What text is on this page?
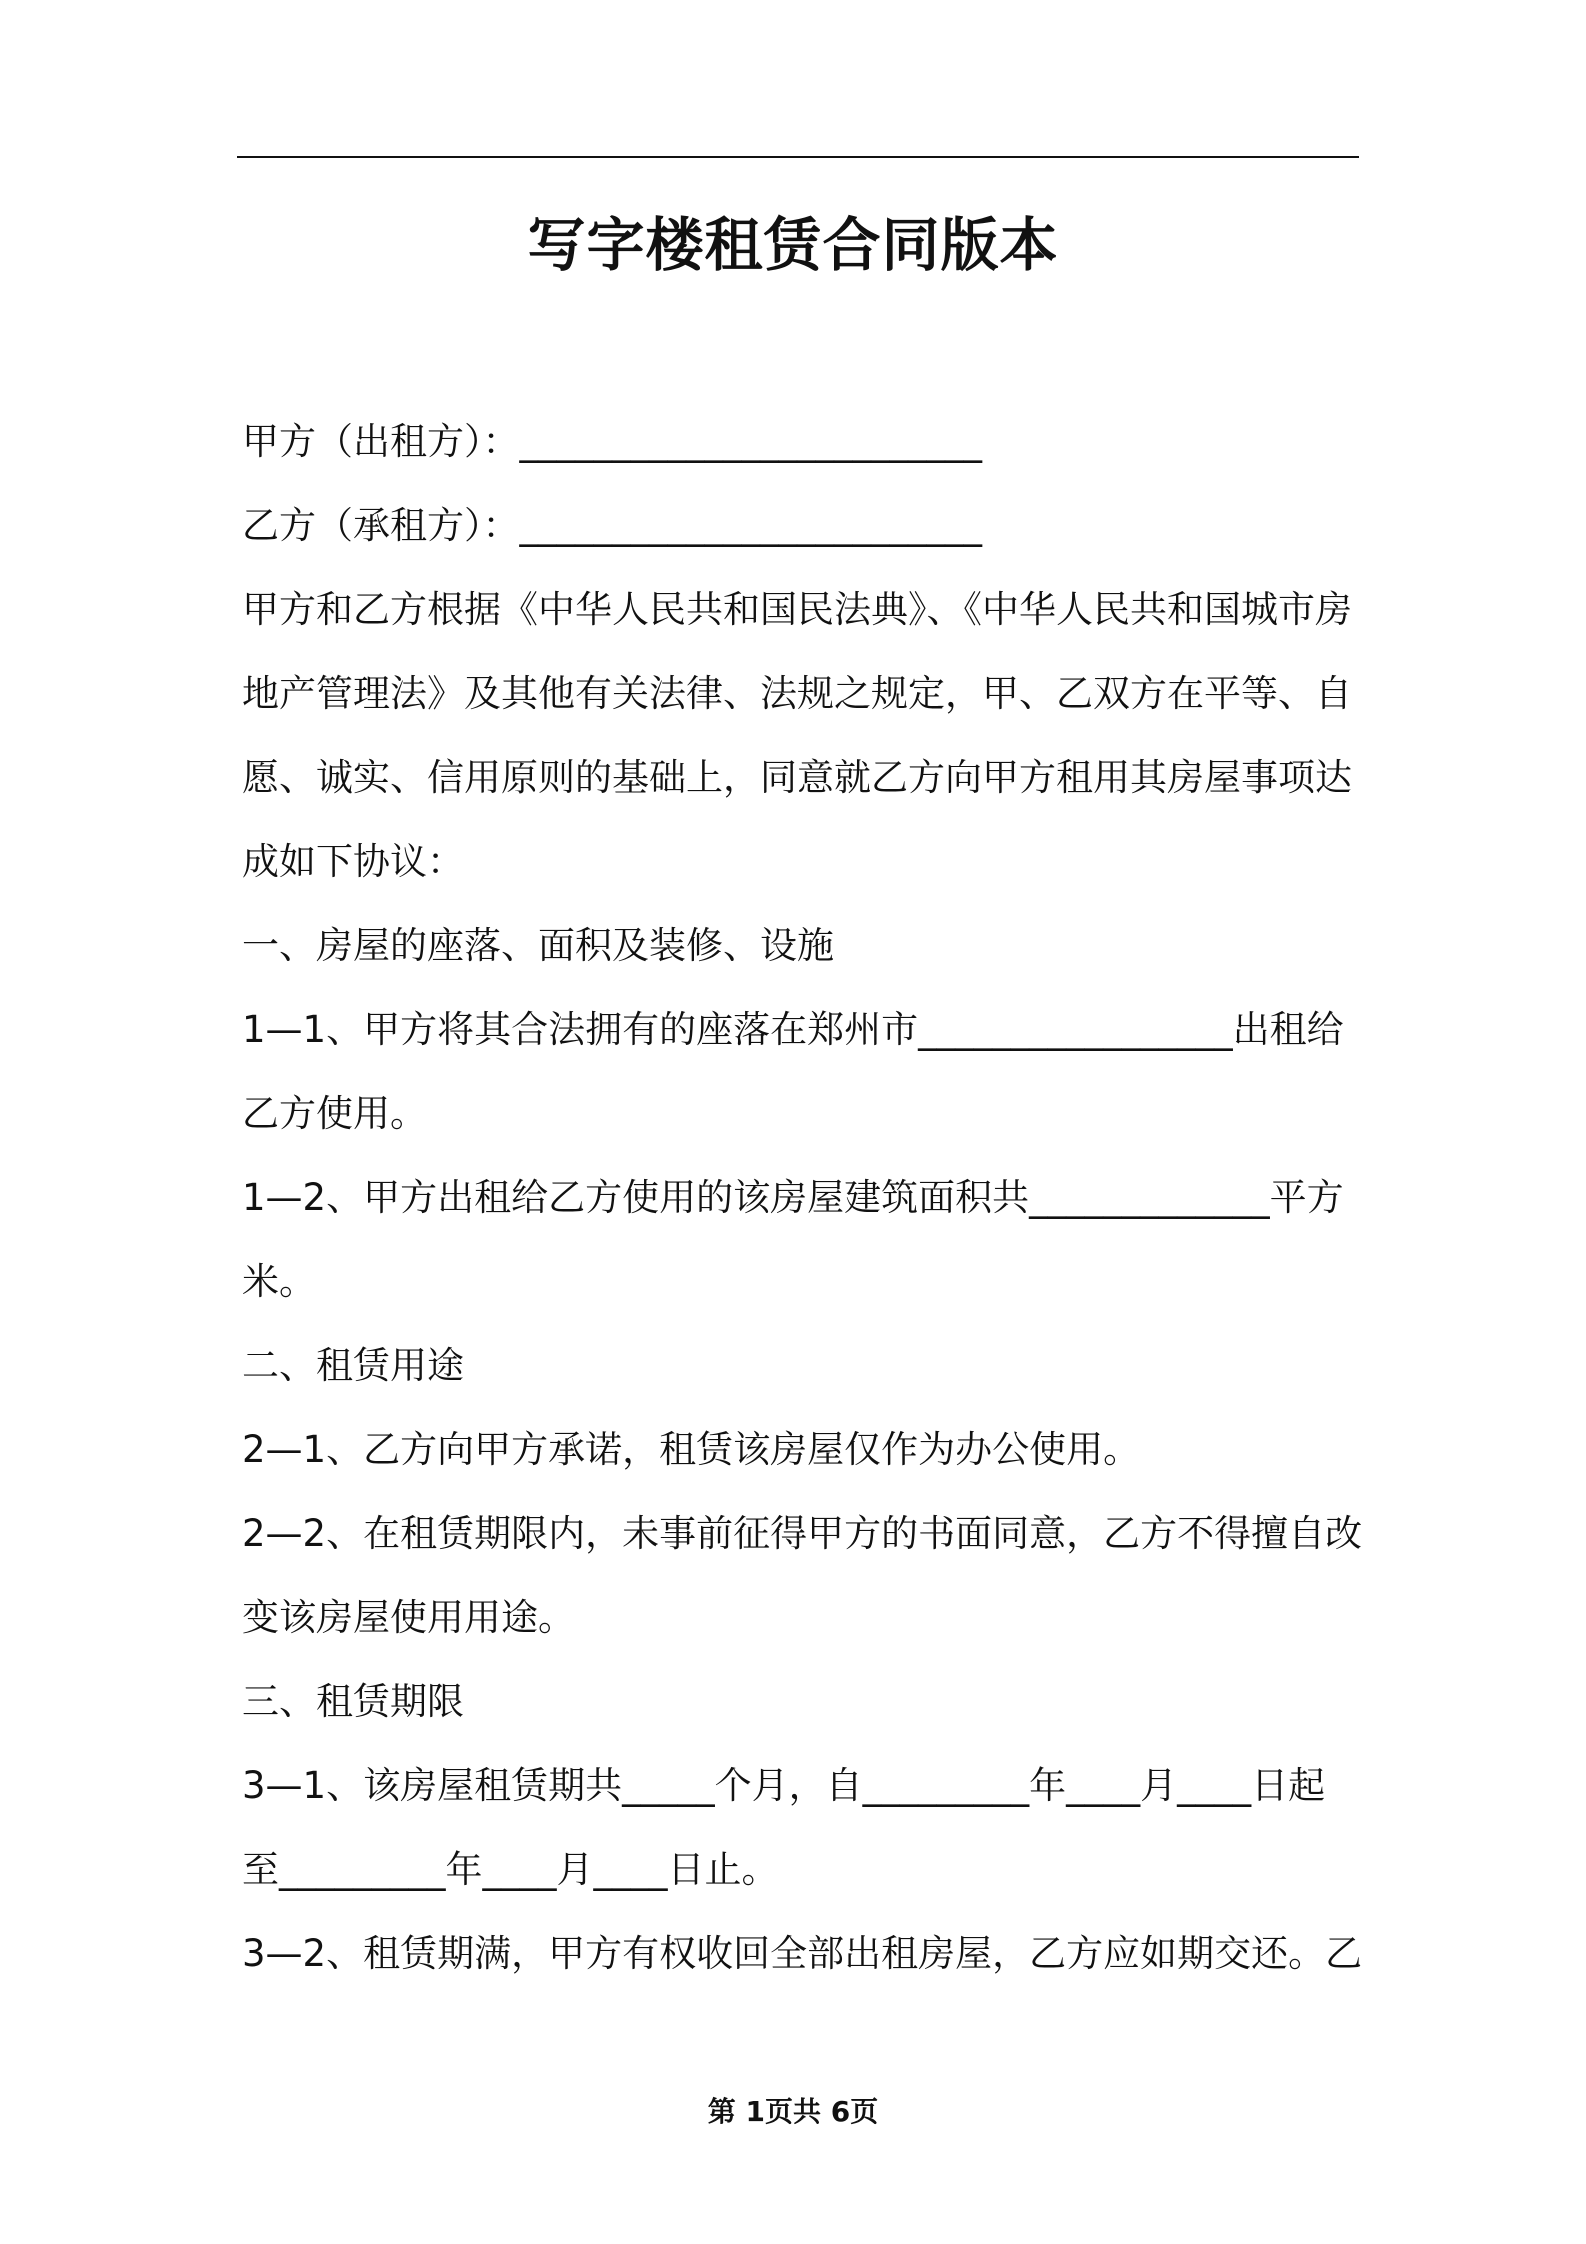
写字楼租赁合同版本
甲方（出租方）：_________________________
乙方（承租方）：_________________________
甲方和乙方根据《中华人民共和国民法典》、《中华人民共和国城市房
地产管理法》及其他有关法律、法规之规定，甲、乙双方在平等、自
愿、诚实、信用原则的基础上，同意就乙方向甲方租用其房屋事项达
成如下协议：
一、房屋的座落、面积及装修、设施
1—1、甲方将其合法拥有的座落在郑州市_________________出租给
乙方使用。
1—2、甲方出租给乙方使用的该房屋建筑面积共_____________平方
米。
二、租赁用途
2—1、乙方向甲方承诺，租赁该房屋仅作为办公使用。
2—2、在租赁期限内，未事前征得甲方的书面同意，乙方不得擅自改
变该房屋使用用途。
三、租赁期限
3—1、该房屋租赁期共_____个月，自_________年____月____日起
至_________年____月____日止。
3—2、租赁期满，甲方有权收回全部出租房屋，乙方应如期交还。乙
第 1页共 6页
